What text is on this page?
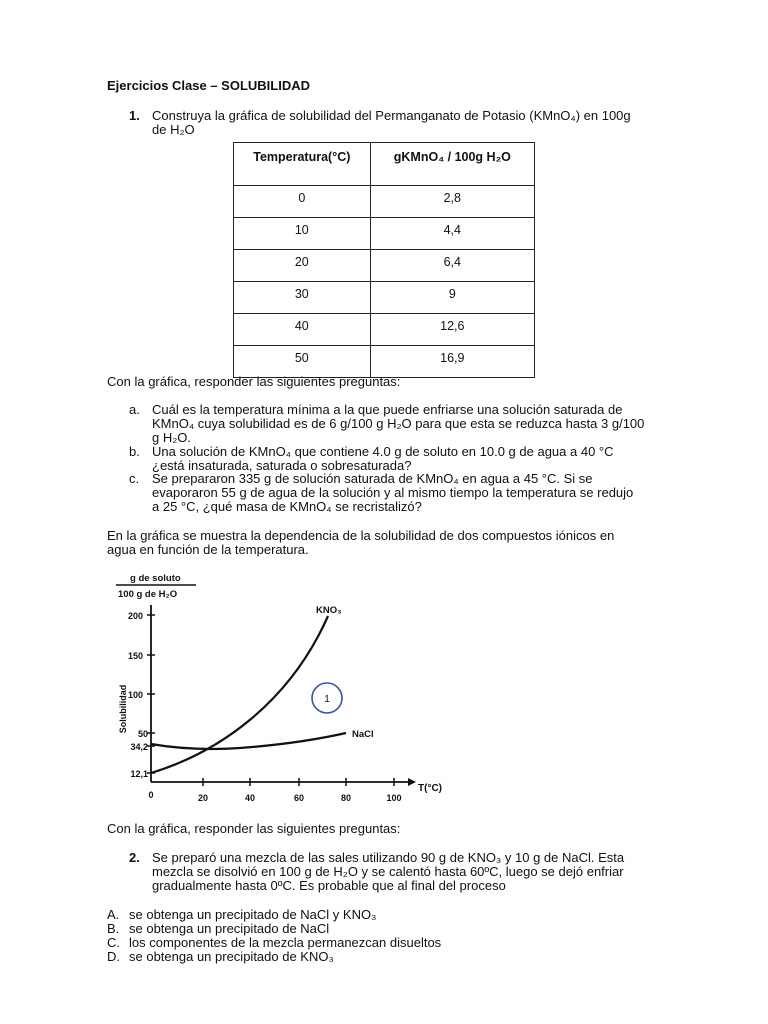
Ejercicios Clase – SOLUBILIDAD
1. Construya la gráfica de solubilidad del Permanganato de Potasio (KMnO₄) en 100g
de H₂O
Temperatura(°C)	gKMnO₄ / 100g H₂O
0	2,8
10	4,4
20	6,4
30	9
40	12,6
50	16,9
Con la gráfica, responder las siguientes preguntas:
a. Cuál es la temperatura mínima a la que puede enfriarse una solución saturada de
KMnO₄ cuya solubilidad es de 6 g/100 g H₂O para que esta se reduzca hasta 3 g/100
g H₂O.
b. Una solución de KMnO₄ que contiene 4.0 g de soluto en 10.0 g de agua a 40 °C
¿está insaturada, saturada o sobresaturada?
c. Se prepararon 335 g de solución saturada de KMnO₄ en agua a 45 °C. Si se
evaporaron 55 g de agua de la solución y al mismo tiempo la temperatura se redujo
a 25 °C, ¿qué masa de KMnO₄ se recristalizó?
En la gráfica se muestra la dependencia de la solubilidad de dos compuestos iónicos en
agua en función de la temperatura.
g de soluto
100 g de H₂O
Solubilidad
200
150
100
50
34,2
12,1
0	20	40	60	80	100
T(°C)
KNO₃
NaCl
1
Con la gráfica, responder las siguientes preguntas:
2. Se preparó una mezcla de las sales utilizando 90 g de KNO₃ y 10 g de NaCl. Esta
mezcla se disolvió en 100 g de H₂O y se calentó hasta 60ºC, luego se dejó enfriar
gradualmente hasta 0ºC. Es probable que al final del proceso
A. se obtenga un precipitado de NaCl y KNO₃
B. se obtenga un precipitado de NaCl
C. los componentes de la mezcla permanezcan disueltos
D. se obtenga un precipitado de KNO₃
